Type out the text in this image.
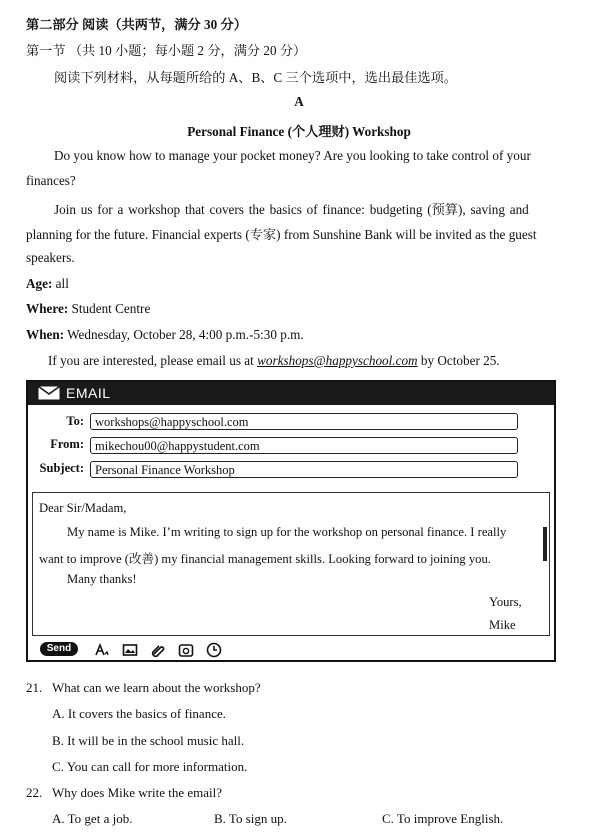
第二部分 阅读（共两节，满分 30 分）
第一节 （共 10 小题；每小题 2 分，满分 20 分）
阅读下列材料，从每题所给的 A、B、C 三个选项中，选出最佳选项。
A
Personal Finance (个人理财) Workshop
Do you know how to manage your pocket money? Are you looking to take control of your
finances?
Join us for a workshop that covers the basics of finance: budgeting (预算), saving and
planning for the future. Financial experts (专家) from Sunshine Bank will be invited as the guest
speakers.
Age: all
Where: Student Centre
When: Wednesday, October 28, 4:00 p.m.-5:30 p.m.
If you are interested, please email us at workshops@happyschool.com by October 25.
EMAIL
To: workshops@happyschool.com
From: mikechou00@happystudent.com
Subject: Personal Finance Workshop
Dear Sir/Madam,
My name is Mike. I’m writing to sign up for the workshop on personal finance. I really
want to improve (改善) my financial management skills. Looking forward to joining you.
Many thanks!
Yours,
Mike
Send
21. What can we learn about the workshop?
A. It covers the basics of finance.
B. It will be in the school music hall.
C. You can call for more information.
22. Why does Mike write the email?
A. To get a job.	B. To sign up.	C. To improve English.
